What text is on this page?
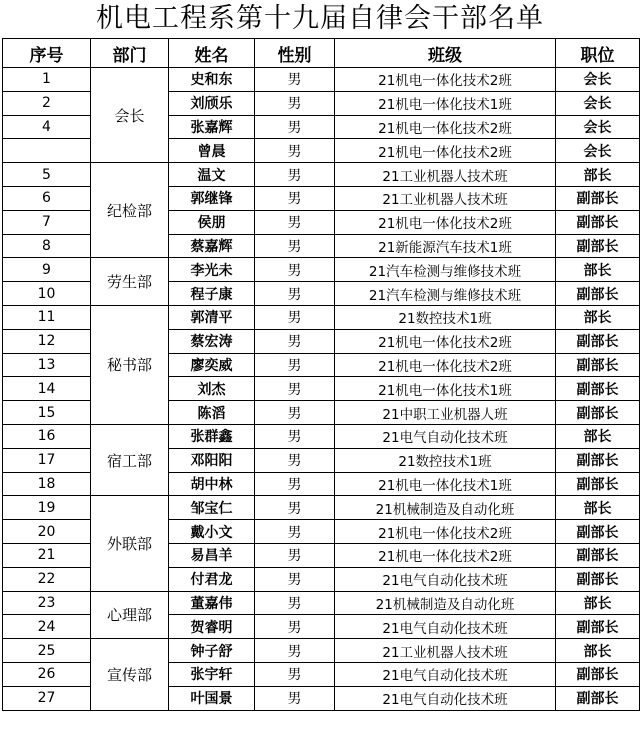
机电工程系第十九届自律会干部名单
序号	部门	姓名	性别	班级	职位
1	会长	史和东	男	21机电一体化技术2班	会长
2		刘颀乐	男	21机电一体化技术1班	会长
4		张嘉辉	男	21机电一体化技术2班	会长
		曾晨	男	21机电一体化技术2班	会长
5	纪检部	温文	男	21工业机器人技术班	部长
6		郭继锋	男	21工业机器人技术班	副部长
7		侯朋	男	21机电一体化技术2班	副部长
8		蔡嘉辉	男	21新能源汽车技术1班	副部长
9	劳生部	李光未	男	21汽车检测与维修技术班	部长
10		程子康	男	21汽车检测与维修技术班	副部长
11	秘书部	郭清平	男	21数控技术1班	部长
12		蔡宏涛	男	21机电一体化技术2班	副部长
13		廖奕威	男	21机电一体化技术2班	副部长
14		刘杰	男	21机电一体化技术1班	副部长
15		陈滔	男	21中职工业机器人班	副部长
16	宿工部	张群鑫	男	21电气自动化技术班	部长
17		邓阳阳	男	21数控技术1班	副部长
18		胡中林	男	21机电一体化技术1班	副部长
19	外联部	邹宝仁	男	21机械制造及自动化班	部长
20		戴小文	男	21机电一体化技术2班	副部长
21		易昌羊	男	21机电一体化技术2班	副部长
22		付君龙	男	21电气自动化技术班	副部长
23	心理部	董嘉伟	男	21机械制造及自动化班	部长
24		贺睿明	男	21电气自动化技术班	副部长
25	宣传部	钟子舒	男	21工业机器人技术班	部长
26		张宇轩	男	21电气自动化技术班	副部长
27		叶国景	男	21电气自动化技术班	副部长
